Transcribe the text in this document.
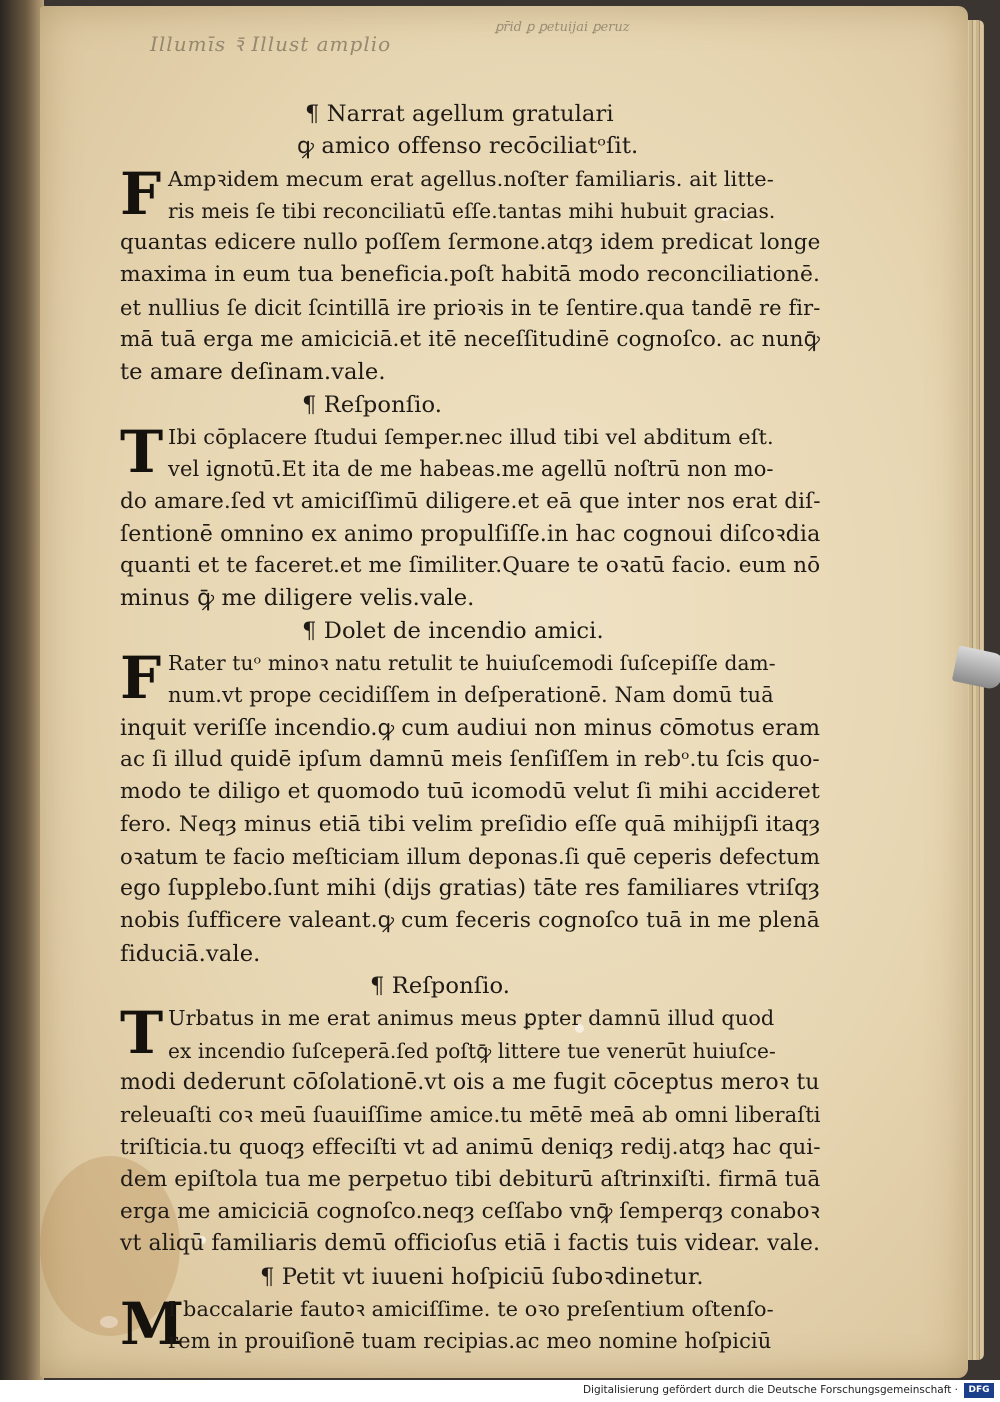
Illumīs ꝛ̄ Illust amplio
ꝑr̄id ꝑ ꝑetuijai ꝑeruz
¶ Narrat agellum gratulari
ꝙ amico offenso recōciliatᵒſit.
F Ampꝛidem mecum erat agellus.noſter familiaris. ait litte-
ris meis ſe tibi reconciliatū eſſe.tantas mihi hubuit gracias.
quantas edicere nullo poſſem ſermone.atqȝ idem predicat longe
maxima in eum tua beneficia.poſt habitā modo reconciliationē.
et nullius ſe dicit ſcintillā ire prioꝛis in te ſentire.qua tandē re fir-
mā tuā erga me amiciciā.et itē neceſſitudinē cognoſco. ac nunꝙ̄
te amare deſinam.vale.
¶ Reſponſio.
T Ibi cōplacere ſtudui ſemper.nec illud tibi vel abditum eſt.
vel ignotū.Et ita de me habeas.me agellū noſtrū non mo-
do amare.ſed vt amiciſſimū diligere.et eā que inter nos erat diſ-
ſentionē omnino ex animo propulſiſſe.in hac cognoui diſcoꝛdia
quanti et te faceret.et me ſimiliter.Quare te oꝛatū facio. eum nō
minus ꝙ̄ me diligere velis.vale.
¶ Dolet de incendio amici.
F Rater tuᵒ minoꝛ natu retulit te huiuſcemodi ſuſcepiſſe dam-
num.vt prope cecidiſſem in deſperationē. Nam domū tuā
inquit veriſſe incendio.ꝙ cum audiui non minus cōmotus eram
ac ſi illud quidē ipſum damnū meis ſenſiſſem in rebᵒ.tu ſcis quo-
modo te diligo et quomodo tuū icomodū velut ſi mihi accideret
fero. Neqȝ minus etiā tibi velim preſidio eſſe quā mihijpſi itaqȝ
oꝛatum te facio meſticiam illum deponas.ſi quē ceperis defectum
ego ſupplebo.ſunt mihi (dijs gratias) tāte res familiares vtriſqȝ
nobis ſufficere valeant.ꝙ cum feceris cognoſco tuā in me plenā
fiduciā.vale.
¶ Reſponſio.
T Urbatus in me erat animus meus ꝑpter damnū illud quod
ex incendio ſuſceperā.ſed poſtꝙ̄ littere tue venerūt huiuſce-
modi dederunt cōſolationē.vt ois a me fugit cōceptus meroꝛ tu
releuaſti coꝛ meū ſuauiſſime amice.tu mētē meā ab omni liberaſti
triſticia.tu quoqȝ effeciſti vt ad animū deniqȝ redij.atqȝ hac qui-
dem epiſtola tua me perpetuo tibi debiturū aſtrinxiſti. firmā tuā
erga me amiciciā cognoſco.neqȝ ceſſabo vnꝙ̄ ſemperqȝ conaboꝛ
vt aliqū familiaris demū officioſus etiā i factis tuis videar. vale.
¶ Petit vt iuueni hoſpiciū ſuboꝛdinetur.
M
I baccalarie fautoꝛ amiciſſime. te oꝛo preſentium oſtenſo-
rem in prouiſionē tuam recipias.ac meo nomine hoſpiciū
Digitalisierung gefördert durch die Deutsche Forschungsgemeinschaft ·	DFG
